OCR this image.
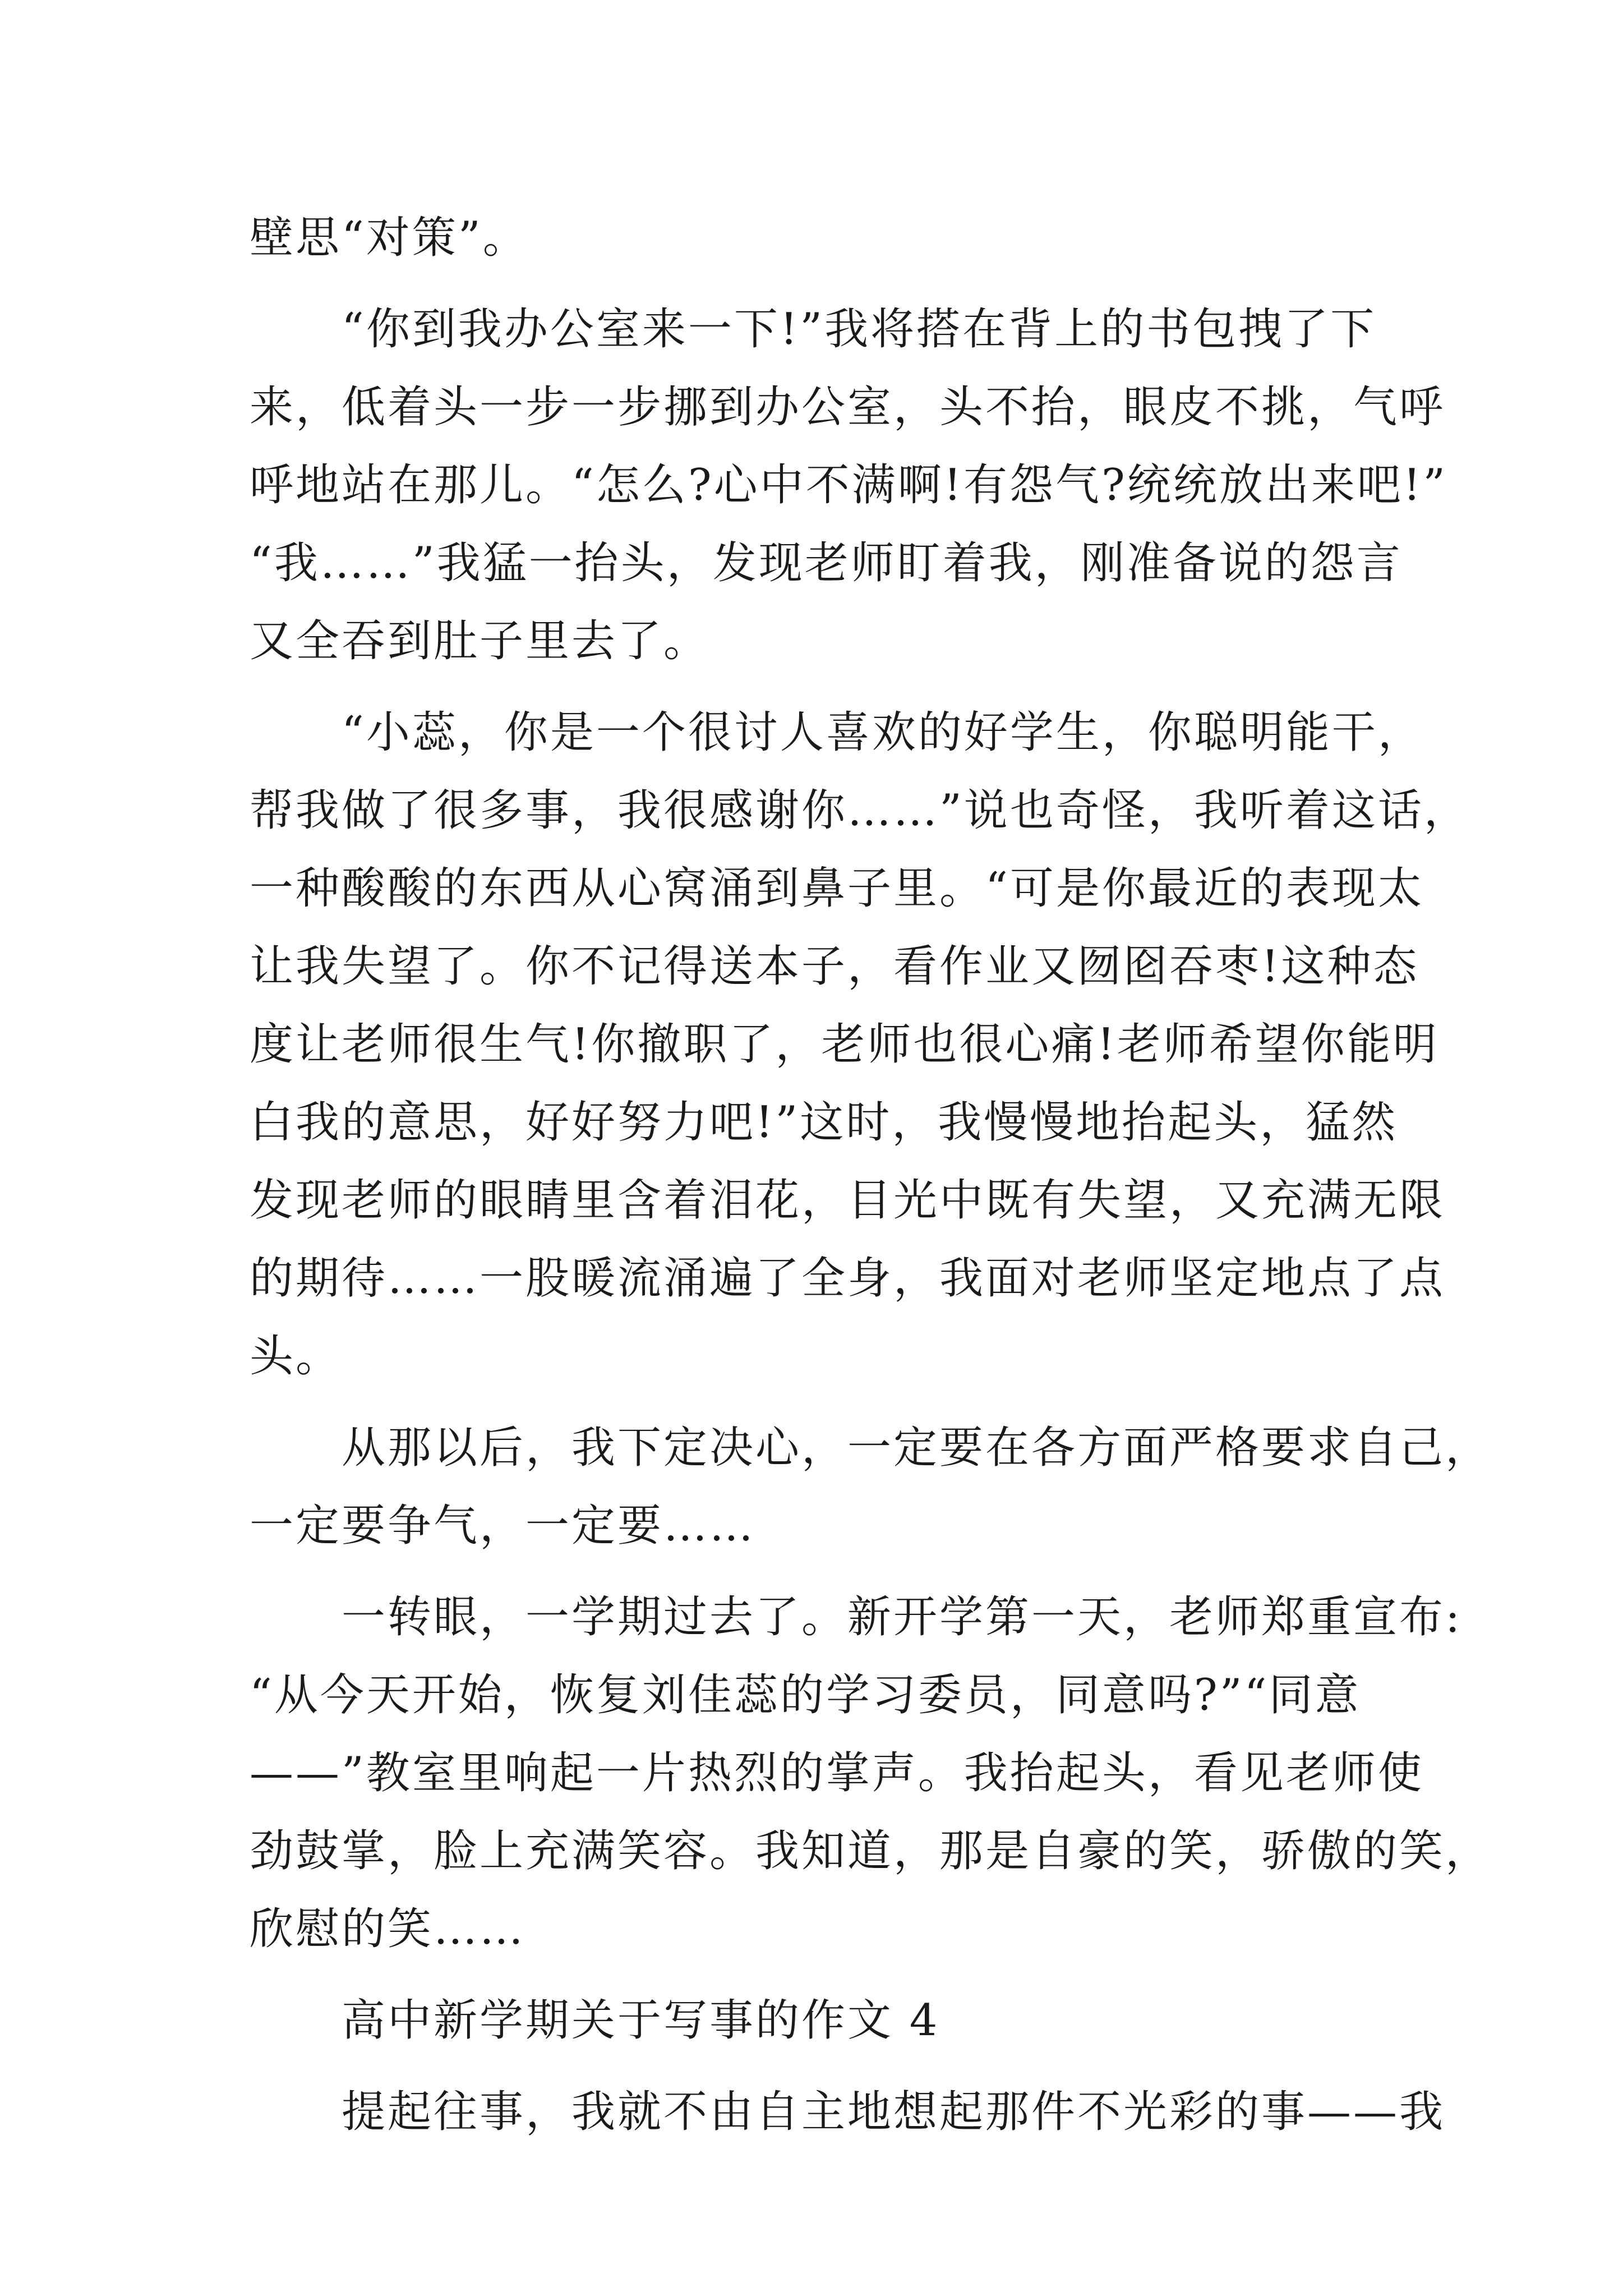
壁思“对策”。
　　“你到我办公室来一下!”我将搭在背上的书包拽了下
来，低着头一步一步挪到办公室，头不抬，眼皮不挑，气呼
呼地站在那儿。“怎么?心中不满啊!有怨气?统统放出来吧!”
“我……”我猛一抬头，发现老师盯着我，刚准备说的怨言
又全吞到肚子里去了。
　　“小蕊，你是一个很讨人喜欢的好学生，你聪明能干，
帮我做了很多事，我很感谢你……”说也奇怪，我听着这话，
一种酸酸的东西从心窝涌到鼻子里。“可是你最近的表现太
让我失望了。你不记得送本子，看作业又囫囵吞枣!这种态
度让老师很生气!你撤职了，老师也很心痛!老师希望你能明
白我的意思，好好努力吧!”这时，我慢慢地抬起头，猛然
发现老师的眼睛里含着泪花，目光中既有失望，又充满无限
的期待……一股暖流涌遍了全身，我面对老师坚定地点了点
头。
　　从那以后，我下定决心，一定要在各方面严格要求自己，
一定要争气，一定要……
　　一转眼，一学期过去了。新开学第一天，老师郑重宣布:
“从今天开始，恢复刘佳蕊的学习委员，同意吗?”“同意
——”教室里响起一片热烈的掌声。我抬起头，看见老师使
劲鼓掌，脸上充满笑容。我知道，那是自豪的笑，骄傲的笑，
欣慰的笑……
　　高中新学期关于写事的作文 4
　　提起往事，我就不由自主地想起那件不光彩的事——我
